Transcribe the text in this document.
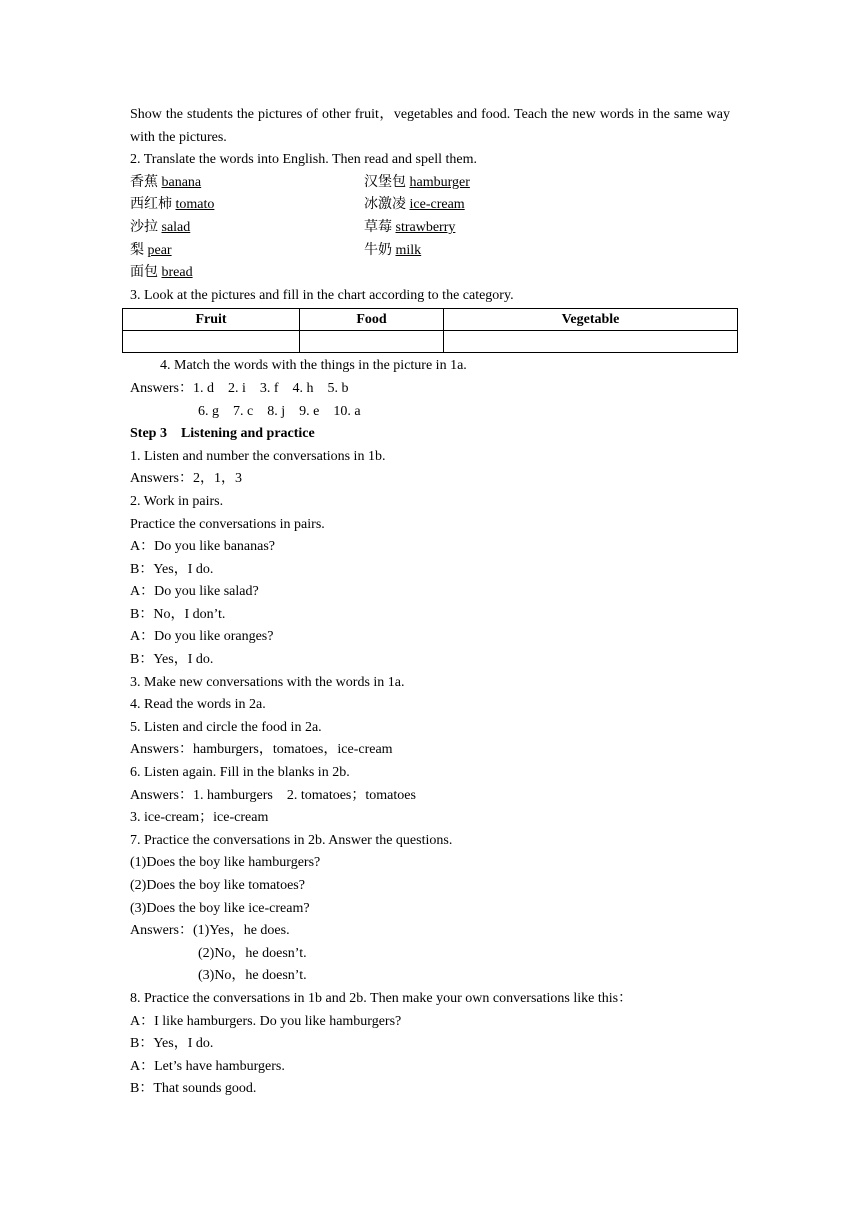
Show the students the pictures of other fruit，vegetables and food. Teach the new words in the same way with the pictures.
2. Translate the words into English. Then read and spell them.
香蕉 banana	汉堡包 hamburger
西红柿 tomato	冰激凌 ice-cream
沙拉 salad	草莓 strawberry
梨 pear	牛奶 milk
面包 bread
3. Look at the pictures and fill in the chart according to the category.
Fruit	Food	Vegetable

4. Match the words with the things in the picture in 1a.
Answers：1. d    2. i    3. f    4. h    5. b
6. g    7. c    8. j    9. e    10. a
Step 3    Listening and practice
1. Listen and number the conversations in 1b.
Answers：2，1，3
2. Work in pairs.
Practice the conversations in pairs.
A：Do you like bananas?
B：Yes，I do.
A：Do you like salad?
B：No，I don’t.
A：Do you like oranges?
B：Yes，I do.
3. Make new conversations with the words in 1a.
4. Read the words in 2a.
5. Listen and circle the food in 2a.
Answers：hamburgers，tomatoes，ice-cream
6. Listen again. Fill in the blanks in 2b.
Answers：1. hamburgers    2. tomatoes；tomatoes
3. ice-cream；ice-cream
7. Practice the conversations in 2b. Answer the questions.
(1)Does the boy like hamburgers?
(2)Does the boy like tomatoes?
(3)Does the boy like ice-cream?
Answers：(1)Yes，he does.
(2)No，he doesn’t.
(3)No，he doesn’t.
8. Practice the conversations in 1b and 2b. Then make your own conversations like this：
A：I like hamburgers. Do you like hamburgers?
B：Yes，I do.
A：Let’s have hamburgers.
B：That sounds good.
